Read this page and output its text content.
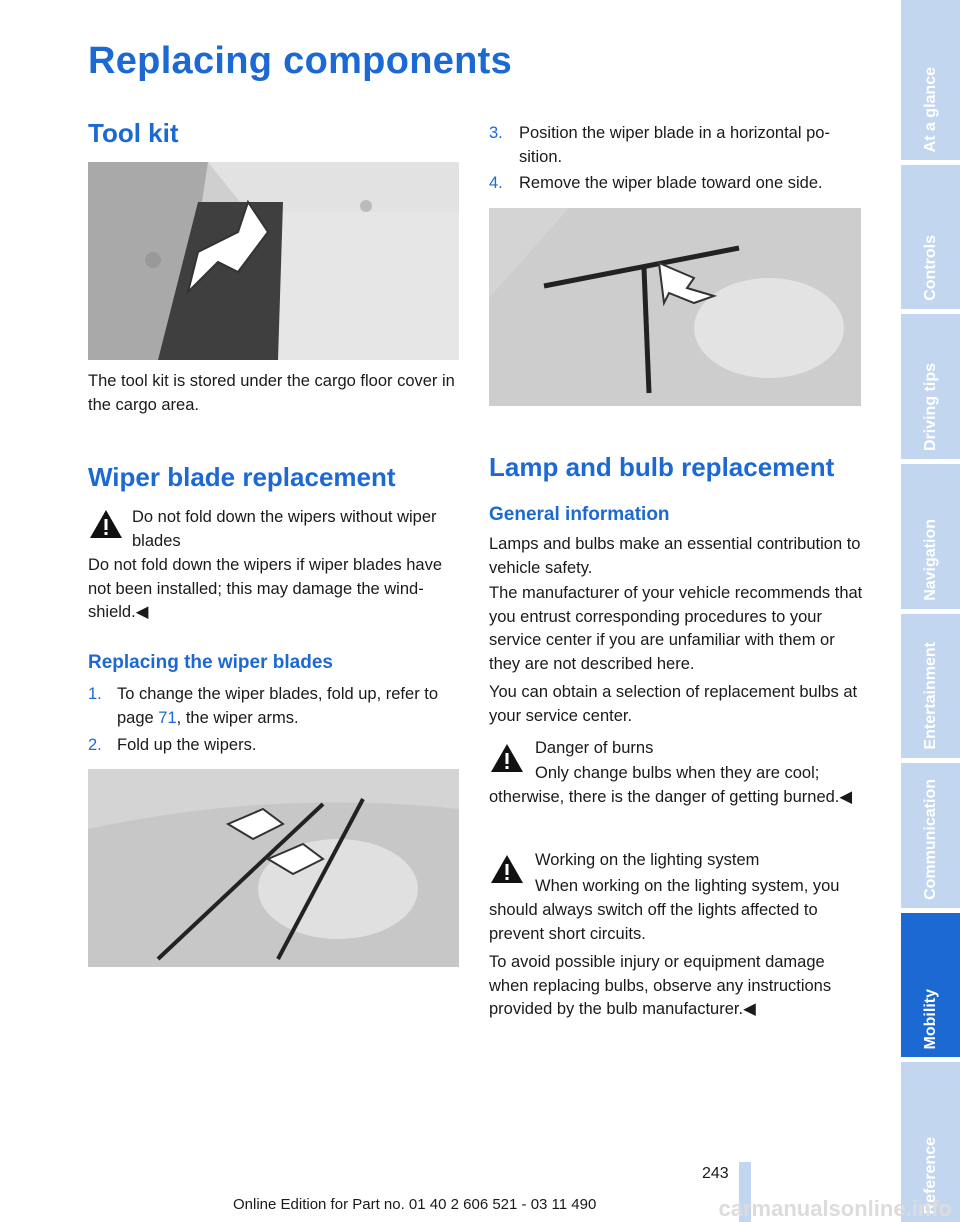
Replacing components
Tool kit

The tool kit is stored under the cargo floor cover in the cargo area.

Wiper blade replacement

Do not fold down the wipers without wiper blades

Do not fold down the wipers if wiper blades have not been installed; this may damage the wind-shield.◀

Replacing the wiper blades
1. To change the wiper blades, fold up, refer to page 71, the wiper arms.

2. Fold up the wipers.

3. Position the wiper blade in a horizontal po-sition.

4. Remove the wiper blade toward one side.

Lamp and bulb replacement
General information

Lamps and bulbs make an essential contribution to vehicle safety.

The manufacturer of your vehicle recommends that you entrust corresponding procedures to your service center if you are unfamiliar with them or they are not described here.

You can obtain a selection of replacement bulbs at your service center.

Danger of burns

Only change bulbs when they are cool;

otherwise, there is the danger of getting burned.◀

Working on the lighting system

When working on the lighting system, you

should always switch off the lights affected to prevent short circuits.

To avoid possible injury or equipment damage when replacing bulbs, observe any instructions provided by the bulb manufacturer.◀

At a glance
Controls
Driving tips
Navigation
Entertainment
Communication
Mobility
Reference
243
Online Edition for Part no. 01 40 2 606 521 - 03 11 490	carmanualsonline.info
